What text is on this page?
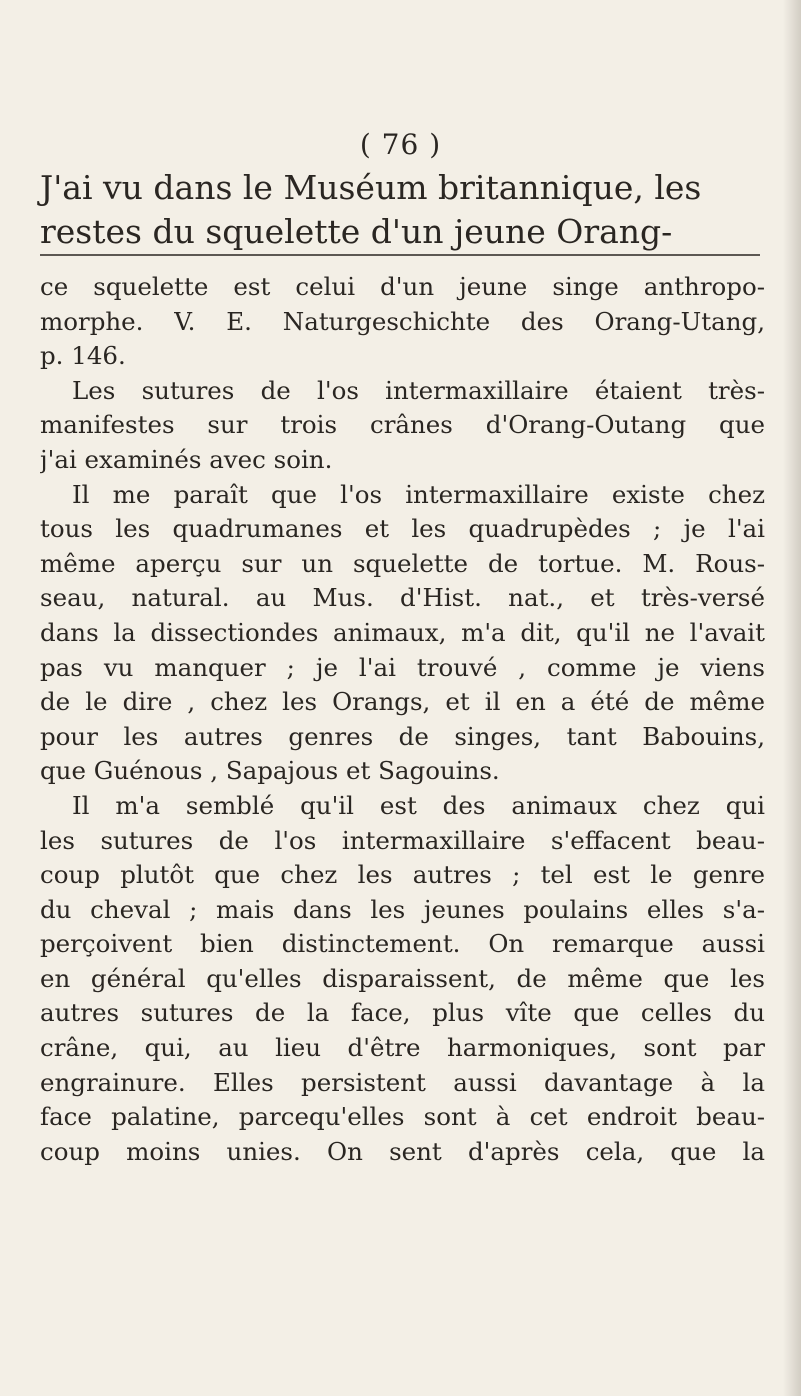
( 76 )
J'ai vu dans le Muséum britannique, les
restes du squelette d'un jeune Orang-
ce squelette est celui d'un jeune singe anthropo-
morphe. V. E. Naturgeschichte des Orang-Utang,
p. 146.
Les sutures de l'os intermaxillaire étaient très-
manifestes sur trois crânes d'Orang-Outang que
j'ai examinés avec soin.
Il me paraît que l'os intermaxillaire existe chez
tous les quadrumanes et les quadrupèdes ; je l'ai
même aperçu sur un squelette de tortue. M. Rous-
seau, natural. au Mus. d'Hist. nat., et très-versé
dans la dissectiondes animaux, m'a dit, qu'il ne l'avait
pas vu manquer ; je l'ai trouvé , comme je viens
de le dire , chez les Orangs, et il en a été de même
pour les autres genres de singes, tant Babouins,
que Guénous , Sapajous et Sagouins.
Il m'a semblé qu'il est des animaux chez qui
les sutures de l'os intermaxillaire s'effacent beau-
coup plutôt que chez les autres ; tel est le genre
du cheval ; mais dans les jeunes poulains elles s'a-
perçoivent bien distinctement. On remarque aussi
en général qu'elles disparaissent, de même que les
autres sutures de la face, plus vîte que celles du
crâne, qui, au lieu d'être harmoniques, sont par
engrainure. Elles persistent aussi davantage à la
face palatine, parcequ'elles sont à cet endroit beau-
coup moins unies. On sent d'après cela, que la
